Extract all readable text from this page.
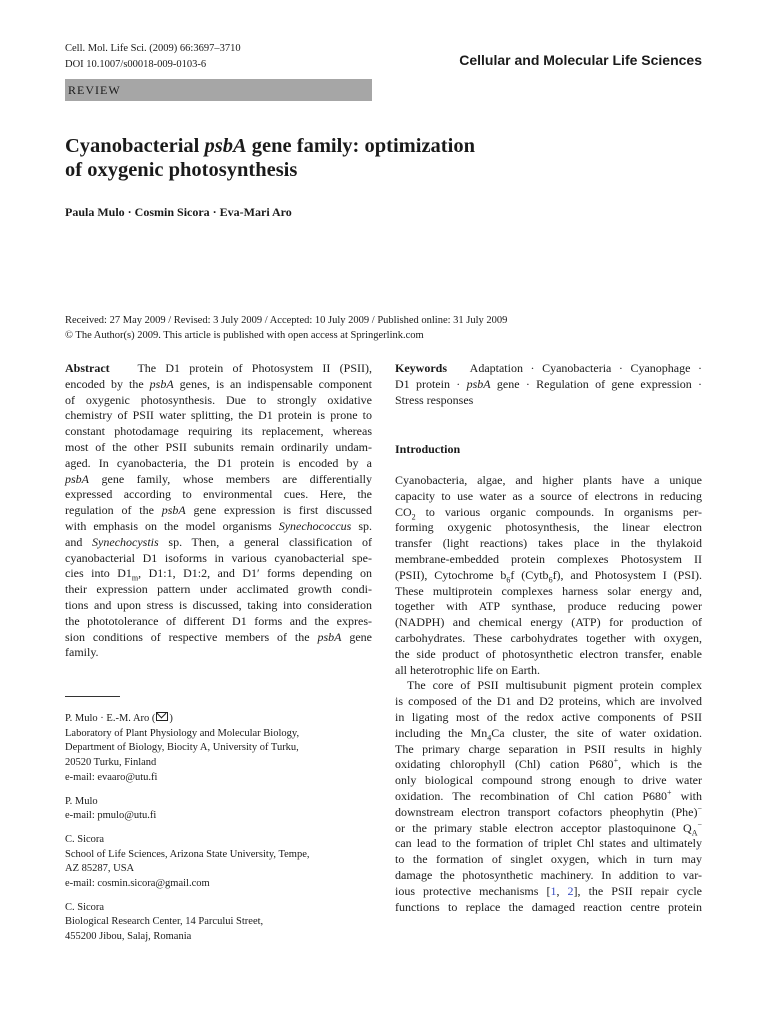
Cell. Mol. Life Sci. (2009) 66:3697–3710
DOI 10.1007/s00018-009-0103-6	Cellular and Molecular Life Sciences
REVIEW
Cyanobacterial psbA gene family: optimization
of oxygenic photosynthesis
Paula Mulo · Cosmin Sicora · Eva-Mari Aro
Received: 27 May 2009 / Revised: 3 July 2009 / Accepted: 10 July 2009 / Published online: 31 July 2009
© The Author(s) 2009. This article is published with open access at Springerlink.com
Abstract The D1 protein of Photosystem II (PSII),
encoded by the psbA genes, is an indispensable component
of oxygenic photosynthesis. Due to strongly oxidative
chemistry of PSII water splitting, the D1 protein is prone to
constant photodamage requiring its replacement, whereas
most of the other PSII subunits remain ordinarily undam-
aged. In cyanobacteria, the D1 protein is encoded by a
psbA gene family, whose members are differentially
expressed according to environmental cues. Here, the
regulation of the psbA gene expression is first discussed
with emphasis on the model organisms Synechococcus sp.
and Synechocystis sp. Then, a general classification of
cyanobacterial D1 isoforms in various cyanobacterial spe-
cies into $D1_m$, D1:1, D1:2, and D1′ forms depending on
their expression pattern under acclimated growth condi-
tions and upon stress is discussed, taking into consideration
the phototolerance of different D1 forms and the expres-
sion conditions of respective members of the psbA gene
family.
Keywords Adaptation · Cyanobacteria · Cyanophage ·
D1 protein · psbA gene · Regulation of gene expression ·
Stress responses
Introduction
Cyanobacteria, algae, and higher plants have a unique
capacity to use water as a source of electrons in reducing
$CO_2$ to various organic compounds. In organisms per-
forming oxygenic photosynthesis, the linear electron
transfer (light reactions) takes place in the thylakoid
membrane-embedded protein complexes Photosystem II
(PSII), Cytochrome $b_6f$ (Cytb$_6$f), and Photosystem I (PSI).
These multiprotein complexes harness solar energy and,
together with ATP synthase, produce reducing power
(NADPH) and chemical energy (ATP) for production of
carbohydrates. These carbohydrates together with oxygen,
the side product of photosynthetic electron transfer, enable
all heterotrophic life on Earth.
The core of PSII multisubunit pigment protein complex
is composed of the D1 and D2 proteins, which are involved
in ligating most of the redox active components of PSII
including the $Mn_4Ca$ cluster, the site of water oxidation.
The primary charge separation in PSII results in highly
oxidating chlorophyll (Chl) cation P680+, which is the
only biological compound strong enough to drive water
oxidation. The recombination of Chl cation P680+ with
downstream electron transport cofactors pheophytin (Phe)−
or the primary stable electron acceptor plastoquinone $Q_A^-$
can lead to the formation of triplet Chl states and ultimately
to the formation of singlet oxygen, which in turn may
damage the photosynthetic machinery. In addition to var-
ious protective mechanisms [1, 2], the PSII repair cycle
functions to replace the damaged reaction centre protein
P. Mulo · E.-M. Aro ( )
Laboratory of Plant Physiology and Molecular Biology,
Department of Biology, Biocity A, University of Turku,
20520 Turku, Finland
e-mail: evaaro@utu.fi
P. Mulo
e-mail: pmulo@utu.fi
C. Sicora
School of Life Sciences, Arizona State University, Tempe,
AZ 85287, USA
e-mail: cosmin.sicora@gmail.com
C. Sicora
Biological Research Center, 14 Parcului Street,
455200 Jibou, Salaj, Romania
